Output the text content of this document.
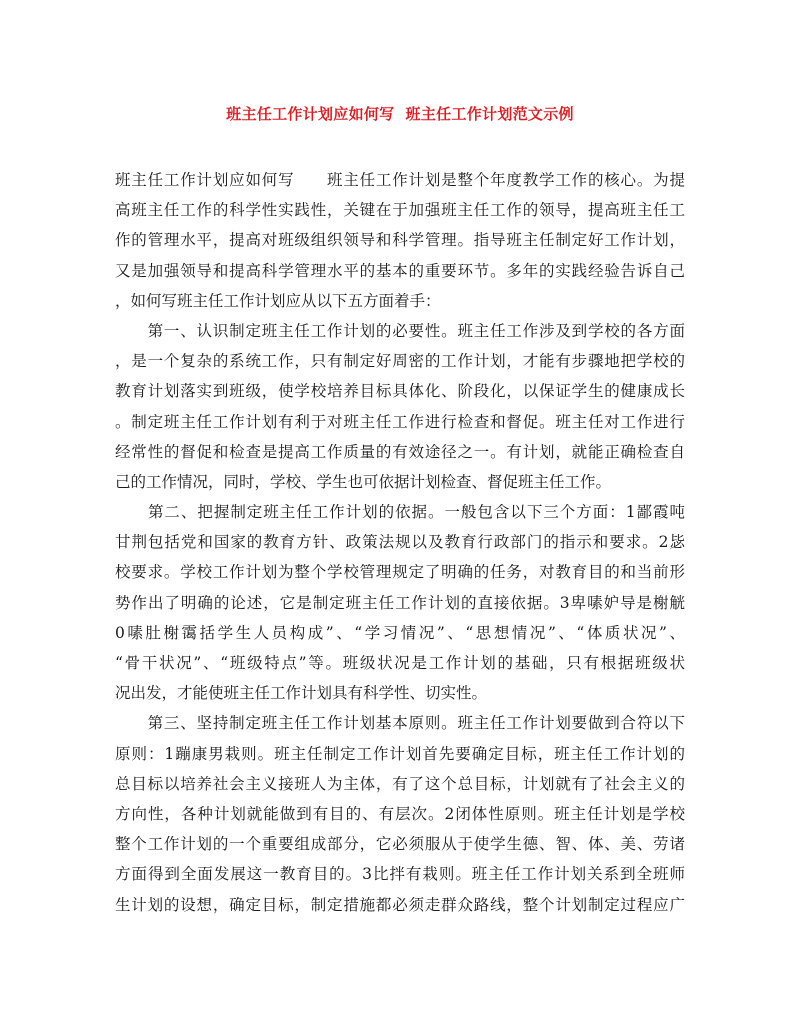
班主任工作计划应如何写  班主任工作计划范文示例
班主任工作计划应如何写　　班主任工作计划是整个年度教学工作的核心。为提
高班主任工作的科学性实践性，关键在于加强班主任工作的领导，提高班主任工
作的管理水平，提高对班级组织领导和科学管理。指导班主任制定好工作计划，
又是加强领导和提高科学管理水平的基本的重要环节。多年的实践经验告诉自己
，如何写班主任工作计划应从以下五方面着手：
　　第一、认识制定班主任工作计划的必要性。班主任工作涉及到学校的各方面
，是一个复杂的系统工作，只有制定好周密的工作计划，才能有步骤地把学校的
教育计划落实到班级，使学校培养目标具体化、阶段化，以保证学生的健康成长
。制定班主任工作计划有利于对班主任工作进行检查和督促。班主任对工作进行
经常性的督促和检查是提高工作质量的有效途径之一。有计划，就能正确检查自
己的工作情况，同时，学校、学生也可依据计划检查、督促班主任工作。
　　第二、把握制定班主任工作计划的依据。一般包含以下三个方面：1鄙霞吨
甘荆包括党和国家的教育方针、政策法规以及教育行政部门的指示和要求。2毖
校要求。学校工作计划为整个学校管理规定了明确的任务，对教育目的和当前形
势作出了明确的论述，它是制定班主任工作计划的直接依据。3卑嗉妒导是榭觥
0嗉肚榭霭括学生人员构成”、“学习情况”、“思想情况”、“体质状况”、
“骨干状况”、“班级特点”等。班级状况是工作计划的基础，只有根据班级状
况出发，才能使班主任工作计划具有科学性、切实性。
　　第三、坚持制定班主任工作计划基本原则。班主任工作计划要做到合符以下
原则：1蹦康男栽则。班主任制定工作计划首先要确定目标，班主任工作计划的
总目标以培养社会主义接班人为主体，有了这个总目标，计划就有了社会主义的
方向性，各种计划就能做到有目的、有层次。2闭体性原则。班主任计划是学校
整个工作计划的一个重要组成部分，它必须服从于使学生德、智、体、美、劳诸
方面得到全面发展这一教育目的。3比拌有栽则。班主任工作计划关系到全班师
生计划的设想，确定目标，制定措施都必须走群众路线，整个计划制定过程应广
